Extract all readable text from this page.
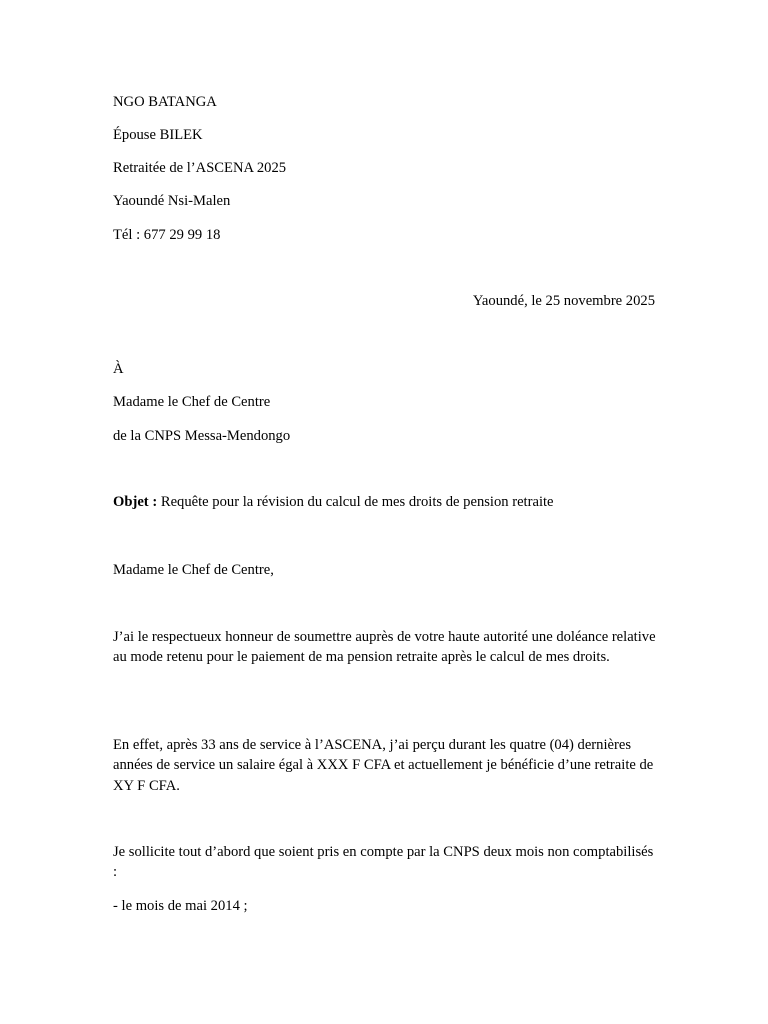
NGO BATANGA
Épouse BILEK
Retraitée de l’ASCENA 2025
Yaoundé Nsi-Malen
Tél : 677 29 99 18
Yaoundé, le 25 novembre 2025
À
Madame le Chef de Centre
de la CNPS Messa-Mendongo
Objet : Requête pour la révision du calcul de mes droits de pension retraite
Madame le Chef de Centre,
J’ai le respectueux honneur de soumettre auprès de votre haute autorité une doléance relative au mode retenu pour le paiement de ma pension retraite après le calcul de mes droits.
En effet, après 33 ans de service à l’ASCENA, j’ai perçu durant les quatre (04) dernières années de service un salaire égal à XXX F CFA et actuellement je bénéficie d’une retraite de XY F CFA.
Je sollicite tout d’abord que soient pris en compte par la CNPS deux mois non comptabilisés :
- le mois de mai 2014 ;
